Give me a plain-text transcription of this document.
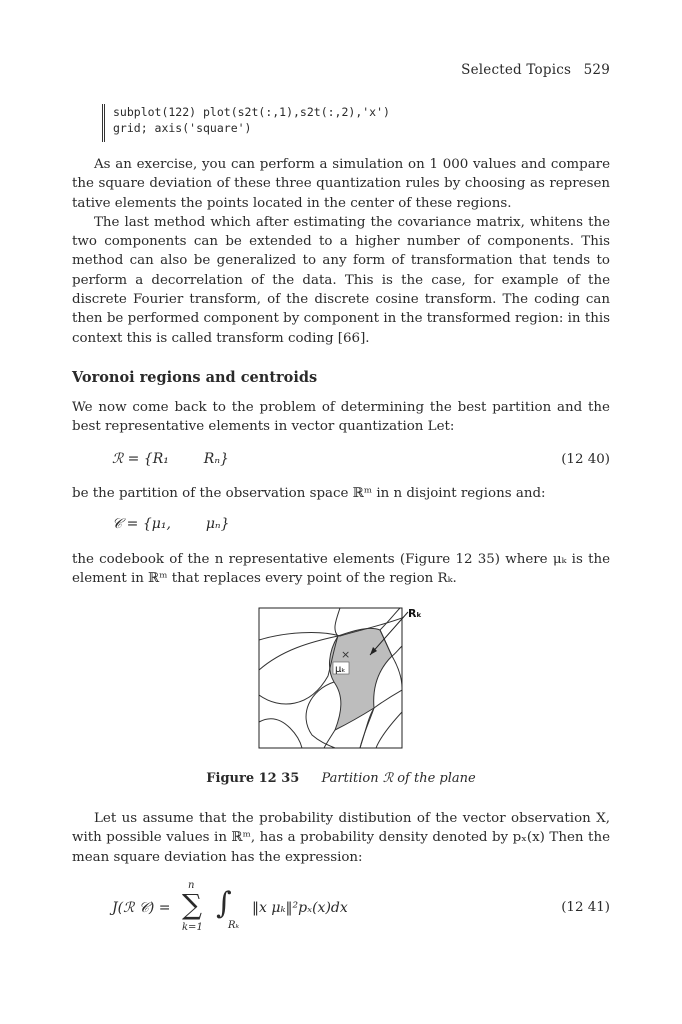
Selected Topics 529
subplot(122) plot(s2t(:,1),s2t(:,2),'x')
grid; axis('square')

As an exercise, you can perform a simulation on 1 000 values and compare the square deviation of these three quantization rules by choosing as represen tative elements the points located in the center of these regions.

The last method which after estimating the covariance matrix, whitens the two components can be extended to a higher number of components. This method can also be generalized to any form of transformation that tends to perform a decorrelation of the data. This is the case, for example of the discrete Fourier transform, of the discrete cosine transform. The coding can then be performed component by component in the transformed region: in this context this is called transform coding [66].

Voronoi regions and centroids

We now come back to the problem of determining the best partition and the best representative elements in vector quantization Let:

ℛ = {R₁ Rₙ}	(12 40)

be the partition of the observation space ℝᵐ in n disjoint regions and:

𝒞 = {μ₁, μₙ}

the codebook of the n representative elements (Figure 12 35) where μₖ is the element in ℝᵐ that replaces every point of the region Rₖ.

Rₖ
×
μₖ
Figure 12 35 Partition ℛ of the plane

Let us assume that the probability distibution of the vector observation X, with possible values in ℝᵐ, has a probability density denoted by pₓ(x) Then the mean square deviation has the expression:

J(ℛ 𝒞) =
n
∑
k=1
∫
Rₖ
‖x μₖ‖²pₓ(x)dx	(12 41)
